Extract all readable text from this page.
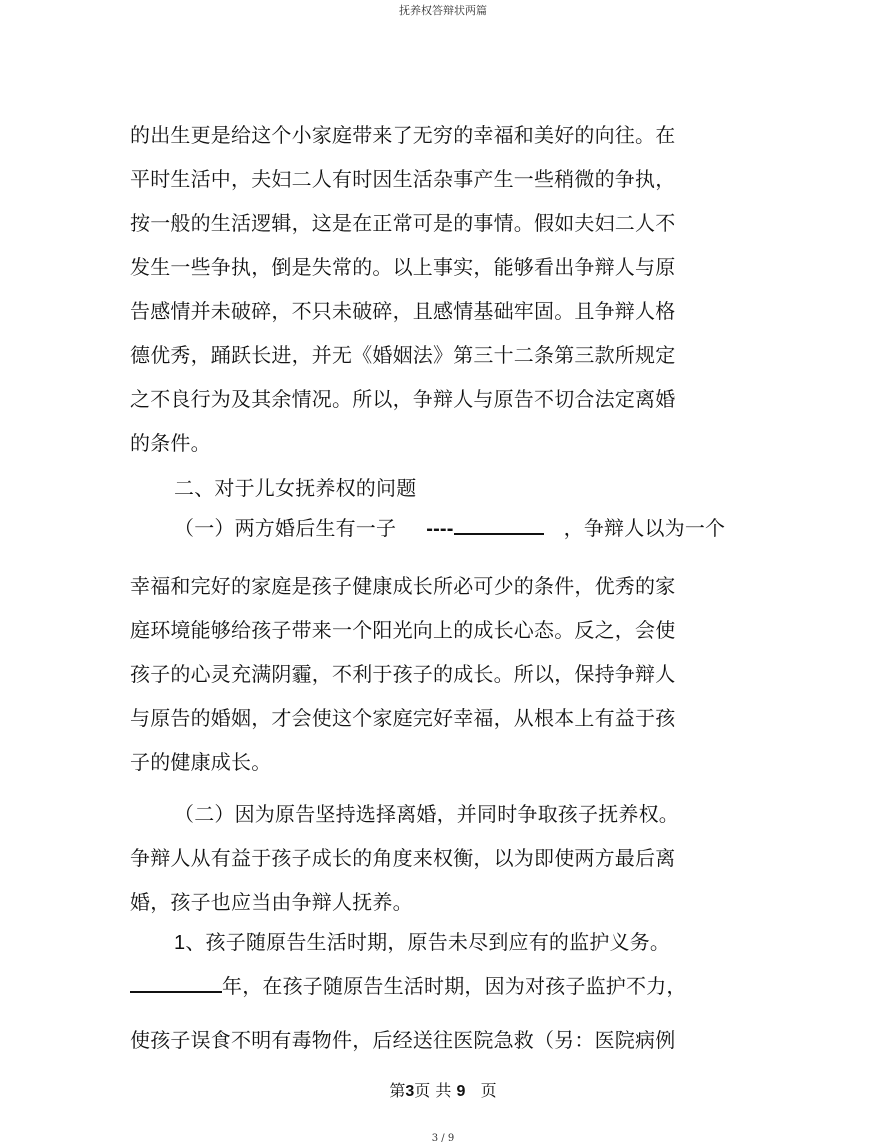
抚养权答辩状两篇
的出生更是给这个小家庭带来了无穷的幸福和美好的向往。在
平时生活中，夫妇二人有时因生活杂事产生一些稍微的争执，
按一般的生活逻辑，这是在正常可是的事情。假如夫妇二人不
发生一些争执，倒是失常的。以上事实，能够看出争辩人与原
告感情并未破碎，不只未破碎，且感情基础牢固。且争辩人格
德优秀，踊跃长进，并无《婚姻法》第三十二条第三款所规定
之不良行为及其余情况。所以，争辩人与原告不切合法定离婚
的条件。
二、对于儿女抚养权的问题
（一）两方婚后生有一子 ----	，争辩人以为一个
幸福和完好的家庭是孩子健康成长所必可少的条件，优秀的家
庭环境能够给孩子带来一个阳光向上的成长心态。反之，会使
孩子的心灵充满阴霾，不利于孩子的成长。所以，保持争辩人
与原告的婚姻，才会使这个家庭完好幸福，从根本上有益于孩
子的健康成长。
（二）因为原告坚持选择离婚，并同时争取孩子抚养权。
争辩人从有益于孩子成长的角度来权衡，以为即使两方最后离
婚，孩子也应当由争辩人抚养。
1、孩子随原告生活时期，原告未尽到应有的监护义务。
年，在孩子随原告生活时期，因为对孩子监护不力，
使孩子误食不明有毒物件，后经送往医院急救（另：医院病例
第3页 共 9 页
3 / 9
